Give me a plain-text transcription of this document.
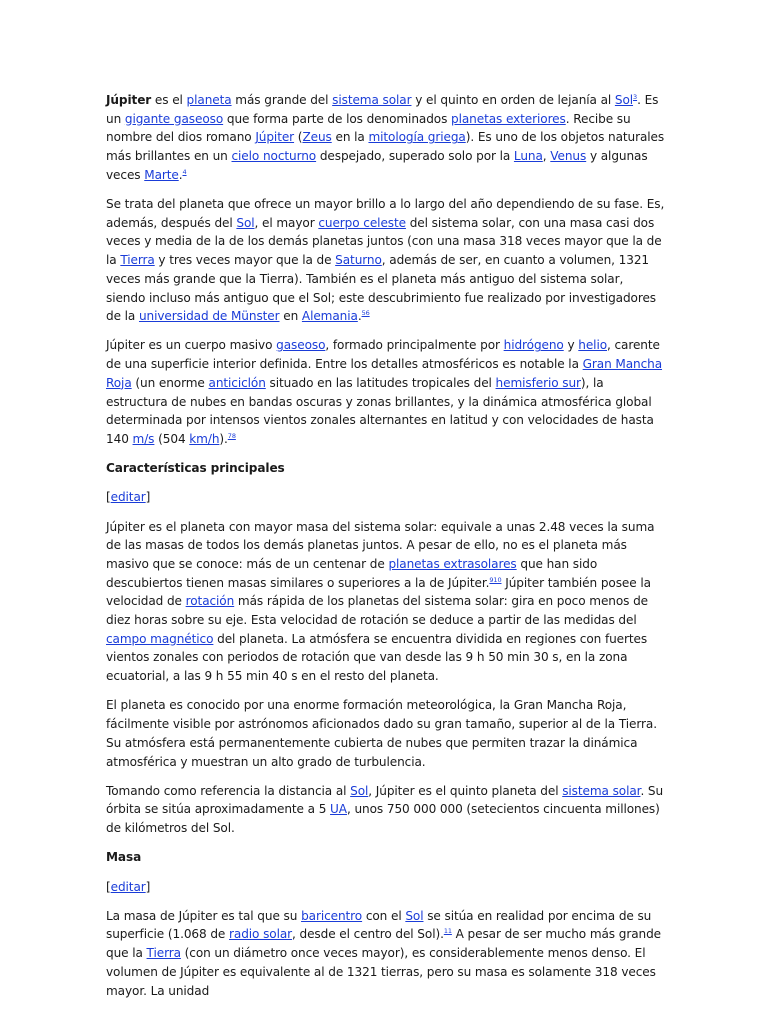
Júpiter es el planeta más grande del sistema solar y el quinto en orden de lejanía al Sol$^3$. Es un gigante gaseoso que forma parte de los denominados planetas exteriores. Recibe su nombre del dios romano Júpiter (Zeus en la mitología griega). Es uno de los objetos naturales más brillantes en un cielo nocturno despejado, superado solo por la Luna, Venus y algunas veces Marte.$^4$

Se trata del planeta que ofrece un mayor brillo a lo largo del año dependiendo de su fase. Es, además, después del Sol, el mayor cuerpo celeste del sistema solar, con una masa casi dos veces y media de la de los demás planetas juntos (con una masa 318 veces mayor que la de la Tierra y tres veces mayor que la de Saturno, además de ser, en cuanto a volumen, 1321 veces más grande que la Tierra). También es el planeta más antiguo del sistema solar, siendo incluso más antiguo que el Sol; este descubrimiento fue realizado por investigadores de la universidad de Münster en Alemania.$^{56}$

Júpiter es un cuerpo masivo gaseoso, formado principalmente por hidrógeno y helio, carente de una superficie interior definida. Entre los detalles atmosféricos es notable la Gran Mancha Roja (un enorme anticiclón situado en las latitudes tropicales del hemisferio sur), la estructura de nubes en bandas oscuras y zonas brillantes, y la dinámica atmosférica global determinada por intensos vientos zonales alternantes en latitud y con velocidades de hasta 140 m/s (504 km/h).$^{78}$

Características principales

[editar]

Júpiter es el planeta con mayor masa del sistema solar: equivale a unas 2.48 veces la suma de las masas de todos los demás planetas juntos. A pesar de ello, no es el planeta más masivo que se conoce: más de un centenar de planetas extrasolares que han sido descubiertos tienen masas similares o superiores a la de Júpiter.$^{910}$ Júpiter también posee la velocidad de rotación más rápida de los planetas del sistema solar: gira en poco menos de diez horas sobre su eje. Esta velocidad de rotación se deduce a partir de las medidas del campo magnético del planeta. La atmósfera se encuentra dividida en regiones con fuertes vientos zonales con periodos de rotación que van desde las 9 h 50 min 30 s, en la zona ecuatorial, a las 9 h 55 min 40 s en el resto del planeta.

El planeta es conocido por una enorme formación meteorológica, la Gran Mancha Roja, fácilmente visible por astrónomos aficionados dado su gran tamaño, superior al de la Tierra. Su atmósfera está permanentemente cubierta de nubes que permiten trazar la dinámica atmosférica y muestran un alto grado de turbulencia.

Tomando como referencia la distancia al Sol, Júpiter es el quinto planeta del sistema solar. Su órbita se sitúa aproximadamente a 5 UA, unos 750 000 000 (setecientos cincuenta millones) de kilómetros del Sol.

Masa

[editar]

La masa de Júpiter es tal que su baricentro con el Sol se sitúa en realidad por encima de su superficie (1.068 de radio solar, desde el centro del Sol).$^{11}$ A pesar de ser mucho más grande que la Tierra (con un diámetro once veces mayor), es considerablemente menos denso. El volumen de Júpiter es equivalente al de 1321 tierras, pero su masa es solamente 318 veces mayor. La unidad
